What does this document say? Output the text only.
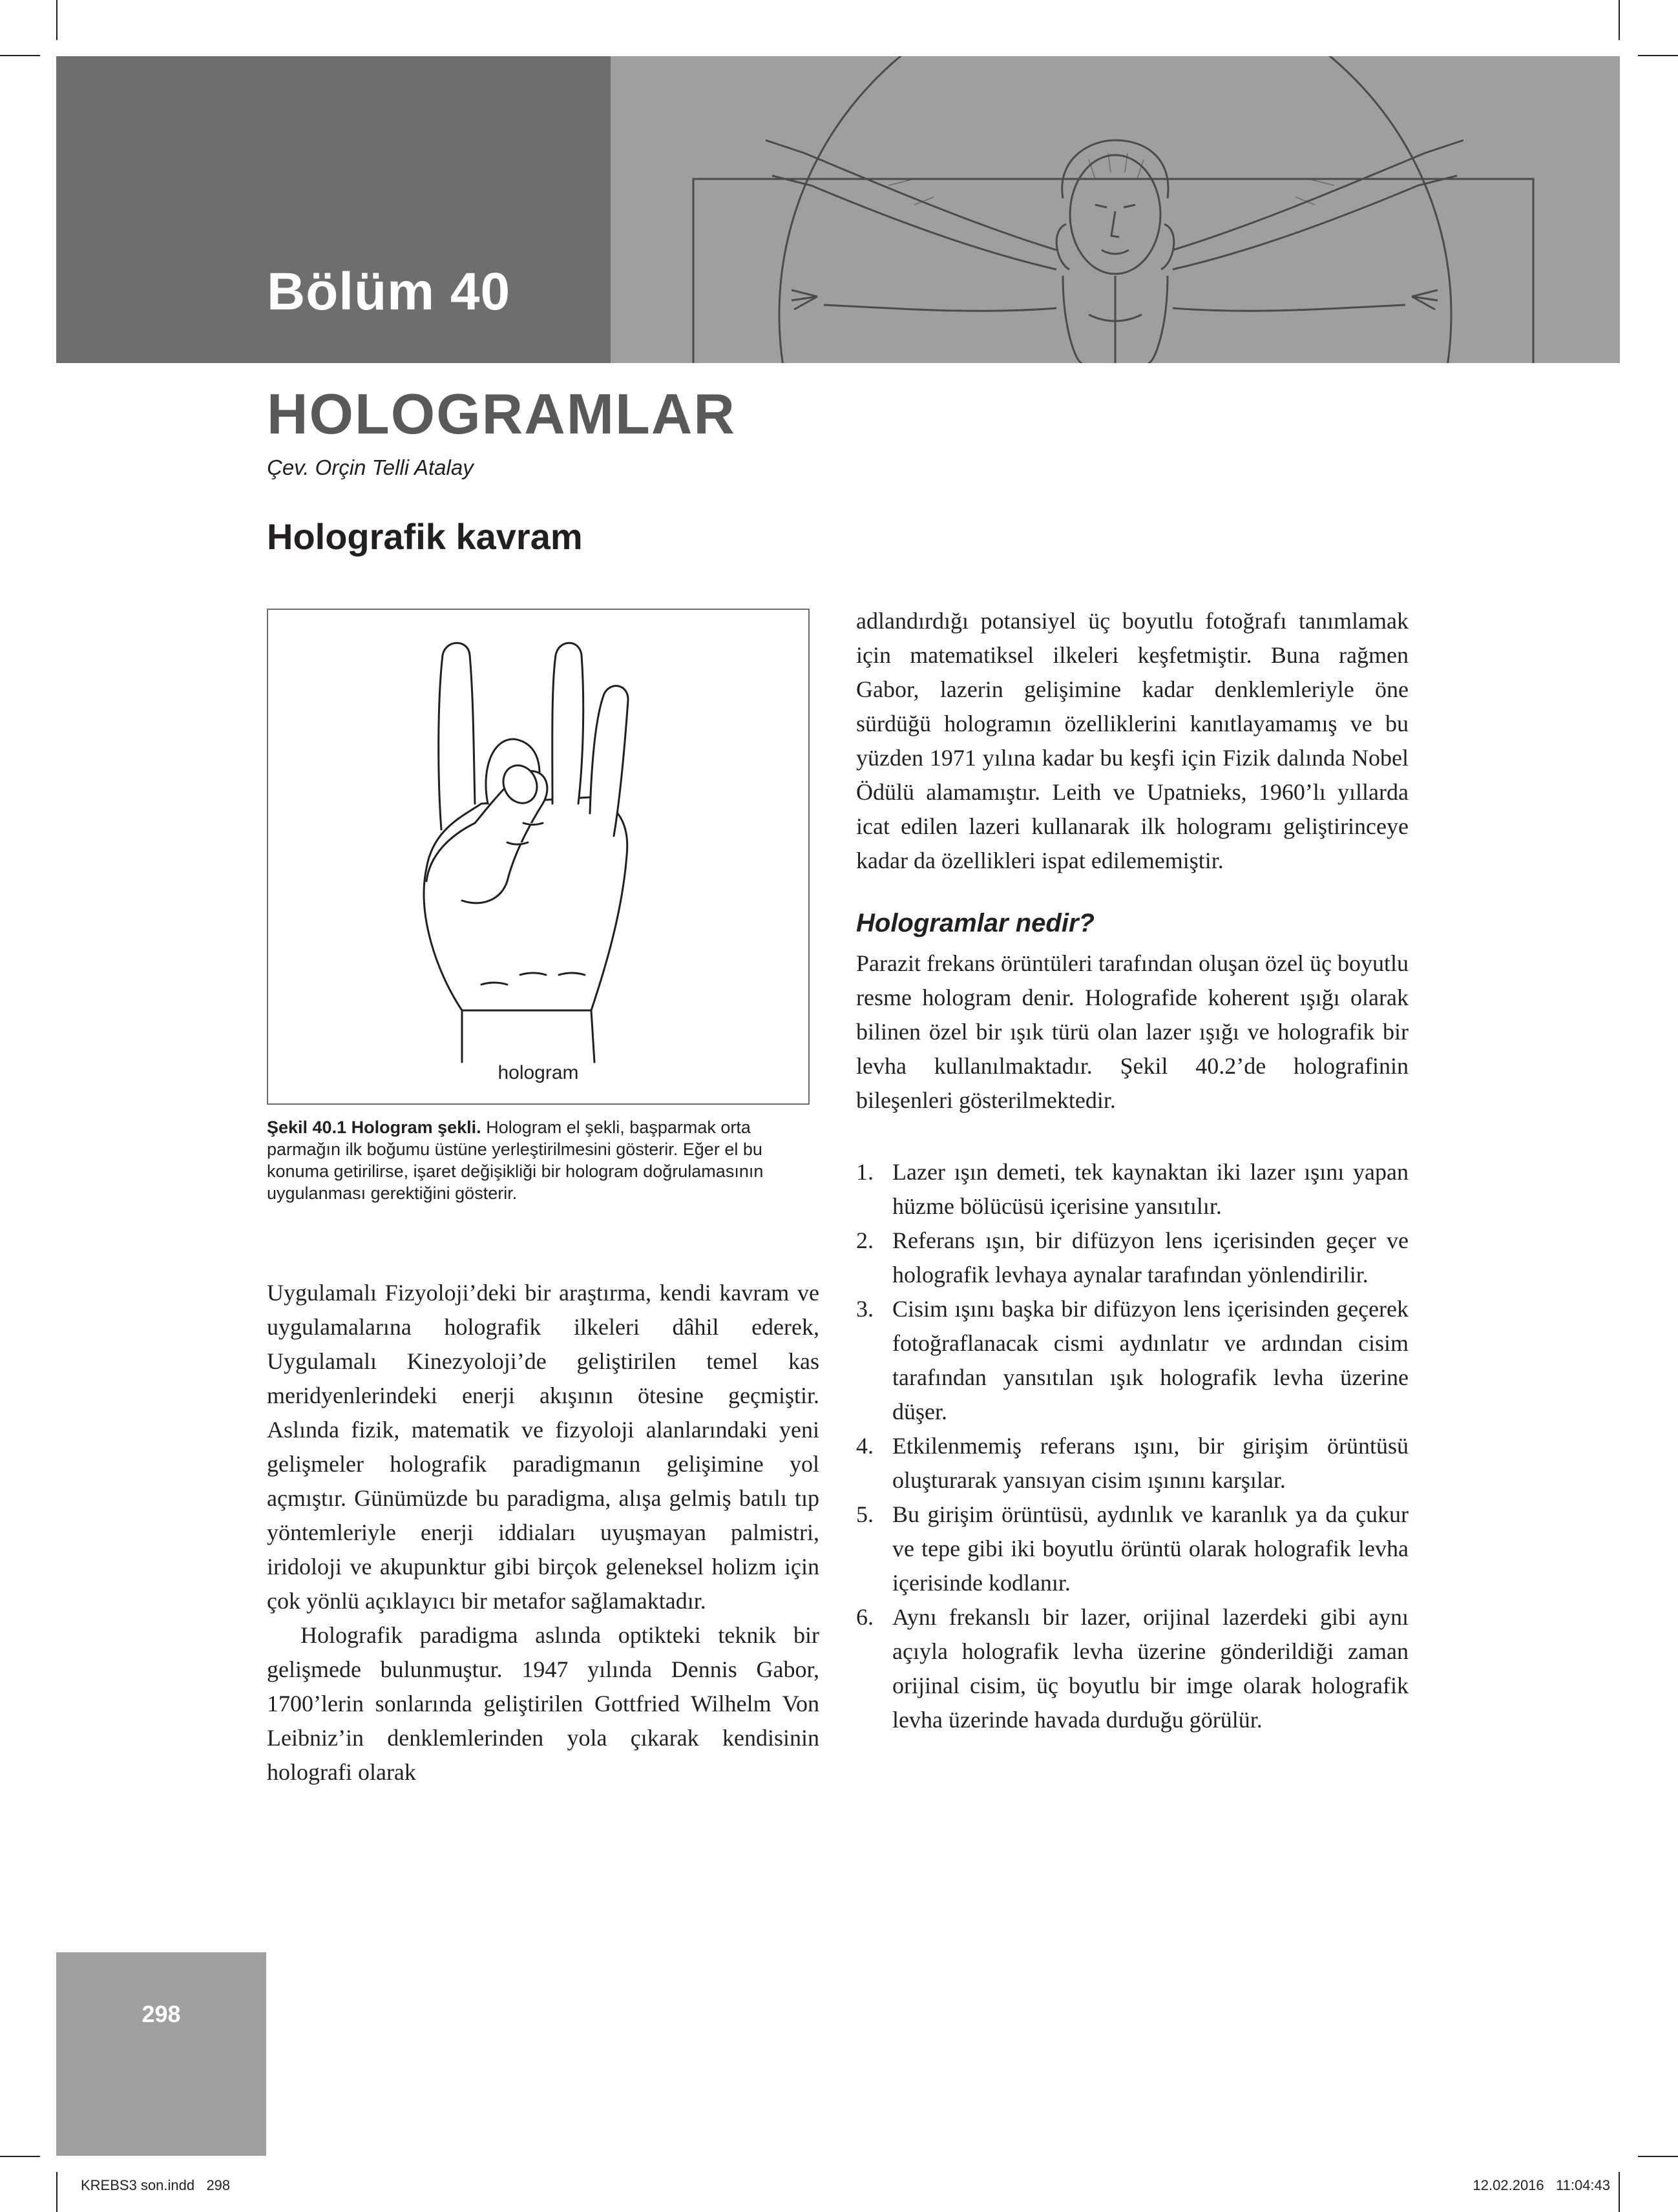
Bölüm 40
HOLOGRAMLAR
Çev. Orçin Telli Atalay
Holografik kavram
hologram
Şekil 40.1 Hologram şekli. Hologram el şekli, başparmak orta parmağın ilk boğumu üstüne yerleştirilmesini gösterir. Eğer el bu konuma getirilirse, işaret değişikliği bir hologram doğrulamasının uygulanması gerektiğini gösterir.

Uygulamalı Fizyoloji’deki bir araştırma, kendi kavram ve uygulamalarına holografik ilkeleri dâhil ederek, Uygulamalı Kinezyoloji’de geliştirilen temel kas meridyenlerindeki enerji akışının ötesine geçmiştir. Aslında fizik, matematik ve fizyoloji alanlarındaki yeni gelişmeler holografik paradigmanın gelişimine yol açmıştır. Günümüzde bu paradigma, alışa gelmiş batılı tıp yöntemleriyle enerji iddiaları uyuşmayan palmistri, iridoloji ve akupunktur gibi birçok geleneksel holizm için çok yönlü açıklayıcı bir metafor sağlamaktadır.

Holografik paradigma aslında optikteki teknik bir gelişmede bulunmuştur. 1947 yılında Dennis Gabor, 1700’lerin sonlarında geliştirilen Gottfried Wilhelm Von Leibniz’in denklemlerinden yola çıkarak kendisinin holografi olarak

adlandırdığı potansiyel üç boyutlu fotoğrafı tanımlamak için matematiksel ilkeleri keşfetmiştir. Buna rağmen Gabor, lazerin gelişimine kadar denklemleriyle öne sürdüğü hologramın özelliklerini kanıtlayamamış ve bu yüzden 1971 yılına kadar bu keşfi için Fizik dalında Nobel Ödülü alamamıştır. Leith ve Upatnieks, 1960’lı yıllarda icat edilen lazeri kullanarak ilk hologramı geliştirinceye kadar da özellikleri ispat edilememiştir.

Hologramlar nedir?

Parazit frekans örüntüleri tarafından oluşan özel üç boyutlu resme hologram denir. Holografide koherent ışığı olarak bilinen özel bir ışık türü olan lazer ışığı ve holografik bir levha kullanılmaktadır. Şekil 40.2’de holografinin bileşenleri gösterilmektedir.

1. Lazer ışın demeti, tek kaynaktan iki lazer ışını yapan hüzme bölücüsü içerisine yansıtılır.
2. Referans ışın, bir difüzyon lens içerisinden geçer ve holografik levhaya aynalar tarafından yönlendirilir.
3. Cisim ışını başka bir difüzyon lens içerisinden geçerek fotoğraflanacak cismi aydınlatır ve ardından cisim tarafından yansıtılan ışık holografik levha üzerine düşer.
4. Etkilenmemiş referans ışını, bir girişim örüntüsü oluşturarak yansıyan cisim ışınını karşılar.
5. Bu girişim örüntüsü, aydınlık ve karanlık ya da çukur ve tepe gibi iki boyutlu örüntü olarak holografik levha içerisinde kodlanır.
6. Aynı frekanslı bir lazer, orijinal lazerdeki gibi aynı açıyla holografik levha üzerine gönderildiği zaman orijinal cisim, üç boyutlu bir imge olarak holografik levha üzerinde havada durduğu görülür.
298
KREBS3 son.indd   298	12.02.2016   11:04:43
